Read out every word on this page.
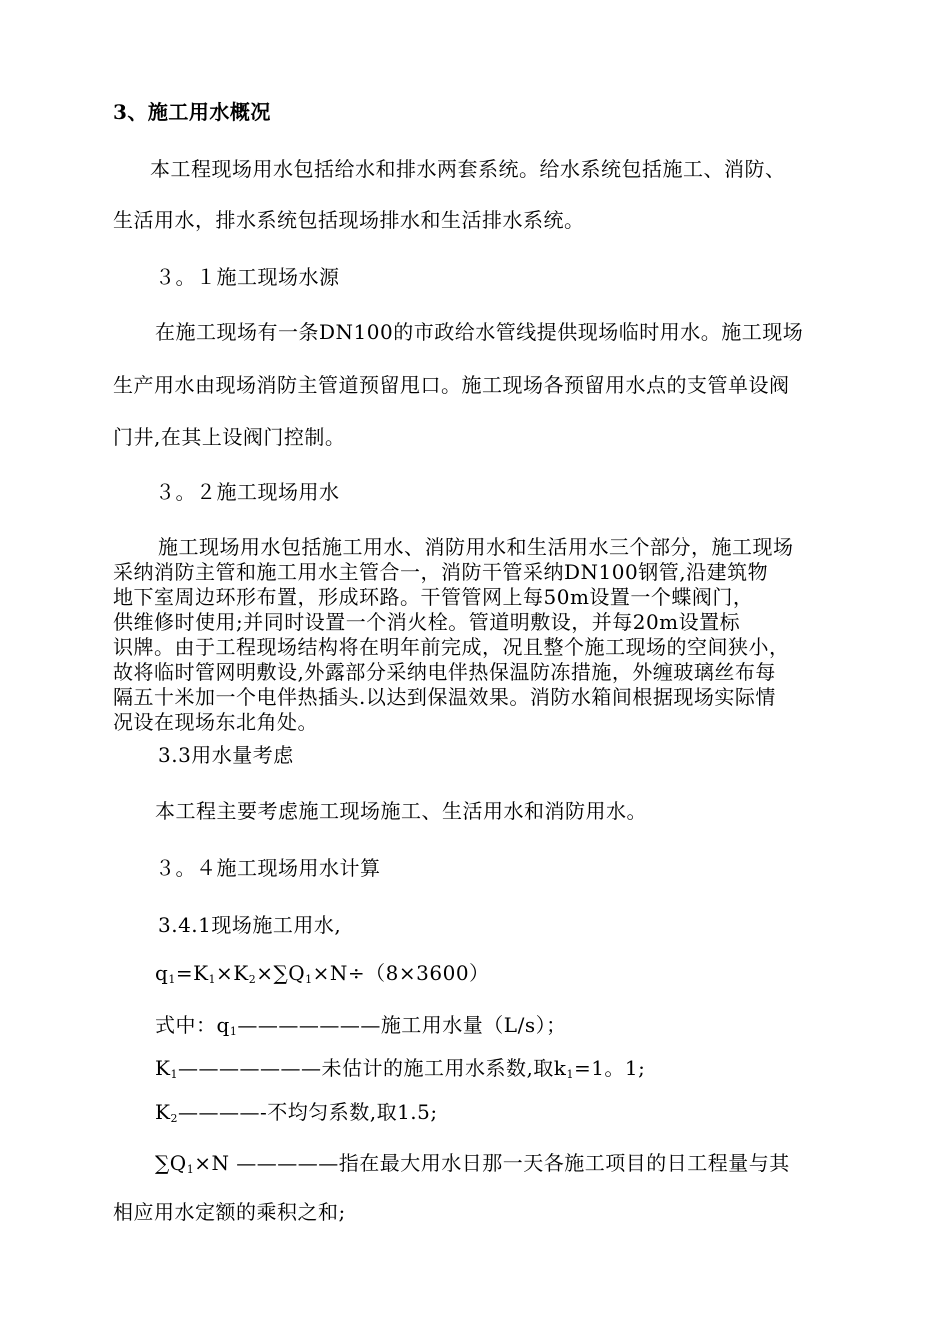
3、施工用水概况
本工程现场用水包括给水和排水两套系统。给水系统包括施工、消防、
生活用水，排水系统包括现场排水和生活排水系统。
３。１施工现场水源
在施工现场有一条DN100的市政给水管线提供现场临时用水。施工现场
生产用水由现场消防主管道预留甩口。施工现场各预留用水点的支管单设阀
门井,在其上设阀门控制。
３。２施工现场用水
施工现场用水包括施工用水、消防用水和生活用水三个部分，施工现场
采纳消防主管和施工用水主管合一，消防干管采纳DN100钢管,沿建筑物
地下室周边环形布置，形成环路。干管管网上每50m设置一个蝶阀门，
供维修时使用;并同时设置一个消火栓。管道明敷设，并每20m设置标
识牌。由于工程现场结构将在明年前完成，况且整个施工现场的空间狭小，
故将临时管网明敷设,外露部分采纳电伴热保温防冻措施，外缠玻璃丝布每
隔五十米加一个电伴热插头.以达到保温效果。消防水箱间根据现场实际情
况设在现场东北角处。
3.3用水量考虑
本工程主要考虑施工现场施工、生活用水和消防用水。
３。４施工现场用水计算
3.4.1现场施工用水,
$q_1=K_1\times K_2\times\sum Q_1\times N\div(8\times 3600)$
式中：$q_1———————$施工用水量（L/s）；
$K_1———————$未估计的施工用水系数,取$k_1=1$。1;
$K_2————-$不均匀系数,取1.5;
$\sum Q_1\times N$ —————指在最大用水日那一天各施工项目的日工程量与其
相应用水定额的乘积之和;
